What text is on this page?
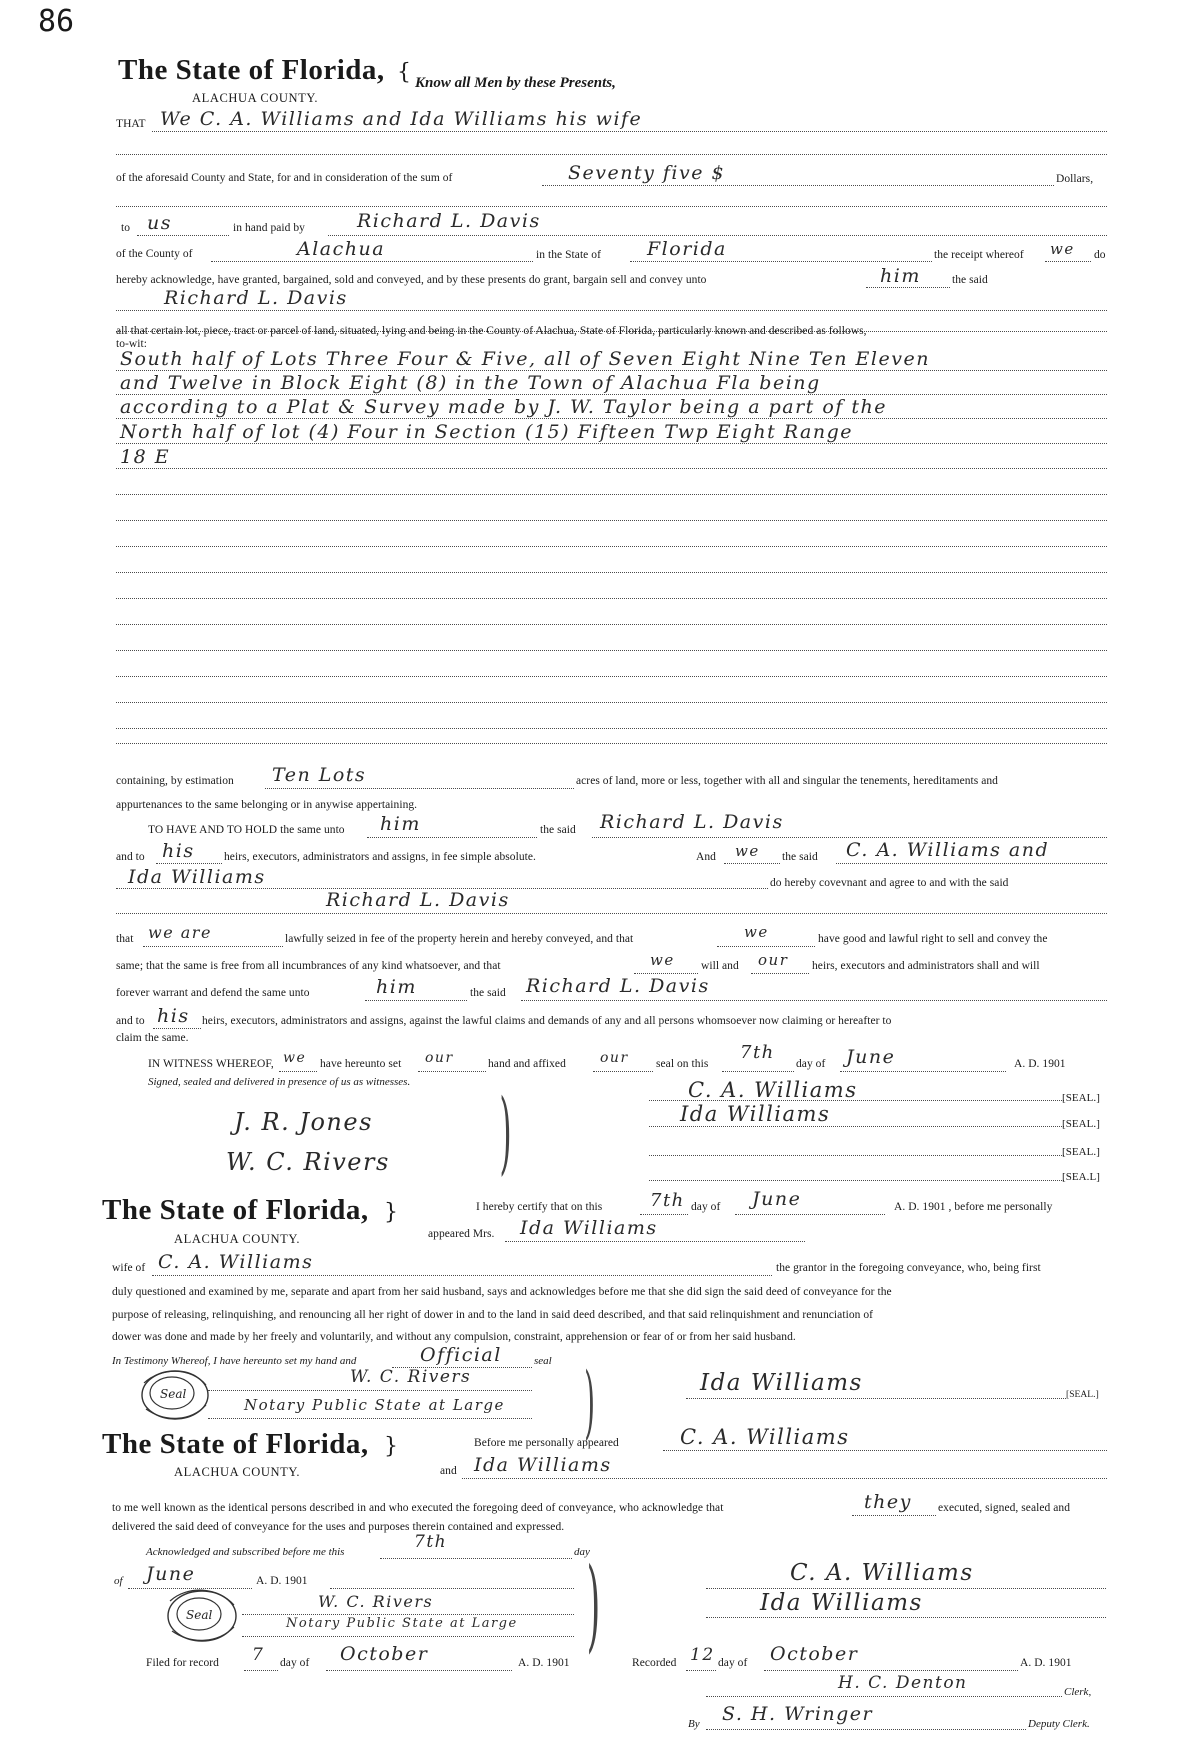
86
The State of Florida, { Know all Men by these Presents,
ALACHUA COUNTY.
THAT We C. A. Williams and Ida Williams his wife
of the aforesaid County and State, for and in consideration of the sum of	Seventy five $	Dollars,
to us	in hand paid by	Richard L. Davis
of the County of	Alachua	in the State of Florida	the receipt whereof we do
hereby acknowledge, have granted, bargained, sold and conveyed, and by these presents do grant, bargain sell and convey unto	him	the said
Richard L. Davis
all that certain lot, piece, tract or parcel of land, situated, lying and being in the County of Alachua, State of Florida, particularly known and described as follows,
to-wit:
South half of Lots Three Four & Five, all of Seven Eight Nine Ten Eleven
and Twelve in Block Eight (8) in the Town of Alachua Fla being
according to a Plat & Survey made by J. W. Taylor being a part of the
North half of lot (4) Four in Section (15) Fifteen Twp Eight Range
18 E
containing, by estimation Ten Lots	acres of land, more or less, together with all and singular the tenements, hereditaments and
appurtenances to the same belonging or in anywise appertaining.
TO HAVE AND TO HOLD the same unto him	the said Richard L. Davis
and to his	heirs, executors, administrators and assigns, in fee simple absolute.	And we the said C. A. Williams and
Ida Williams	do hereby covevnant and agree to and with the said
Richard L. Davis
that we are	lawfully seized in fee of the property herein and hereby conveyed, and that	we	have good and lawful right to sell and convey the
same; that the same is free from all incumbrances of any kind whatsoever, and that	we will and our heirs, executors and administrators shall and will
forever warrant and defend the same unto	him	the said Richard L. Davis
and to his heirs, executors, administrators and assigns, against the lawful claims and demands of any and all persons whomsoever now claiming or hereafter to
claim the same.
IN WITNESS WHEREOF, we have hereunto set our	hand and affixed our seal on this
7th
day of June	A. D. 1901
Signed, sealed and delivered in presence of us as witnesses. )
J. R. Jones
W. C. Rivers
C. A. Williams	[SEAL.]
Ida Williams	[SEAL.]
[SEAL.]
[SEA.L]
The State of Florida, }
ALACHUA COUNTY.
I hereby certify that on this	7th day of June	A. D. 1901 , before me personally
appeared Mrs. Ida Williams
wife of C. A. Williams	the grantor in the foregoing conveyance, who, being first
duly questioned and examined by me, separate and apart from her said husband, says and acknowledges before me that she did sign the said deed of conveyance for the
purpose of releasing, relinquishing, and renouncing all her right of dower in and to the land in said deed described, and that said relinquishment and renunciation of
dower was done and made by her freely and voluntarily, and without any compulsion, constraint, apprehension or fear of or from her said husband.
In Testimony Whereof, I have hereunto set my hand and	Official	seal
Seal
W. C. Rivers
Notary Public State at Large )	Ida Williams	[SEAL.]
The State of Florida, }
ALACHUA COUNTY.
Before me personally appeared	C. A. Williams
and Ida Williams
to me well known as the identical persons described in and who executed the foregoing deed of conveyance, who acknowledge that	they executed, signed, sealed and
delivered the said deed of conveyance for the uses and purposes therein contained and expressed.
Acknowledged and subscribed before me this	7th	day
)
of June	A. D. 1901
Seal
W. C. Rivers
Notary Public State at Large
C. A. Williams
Ida Williams
Filed for record 7 day of October	A. D. 1901	Recorded 12 day of October	A. D. 1901
H. C. Denton	Clerk,
By S. H. Wringer	Deputy Clerk.
